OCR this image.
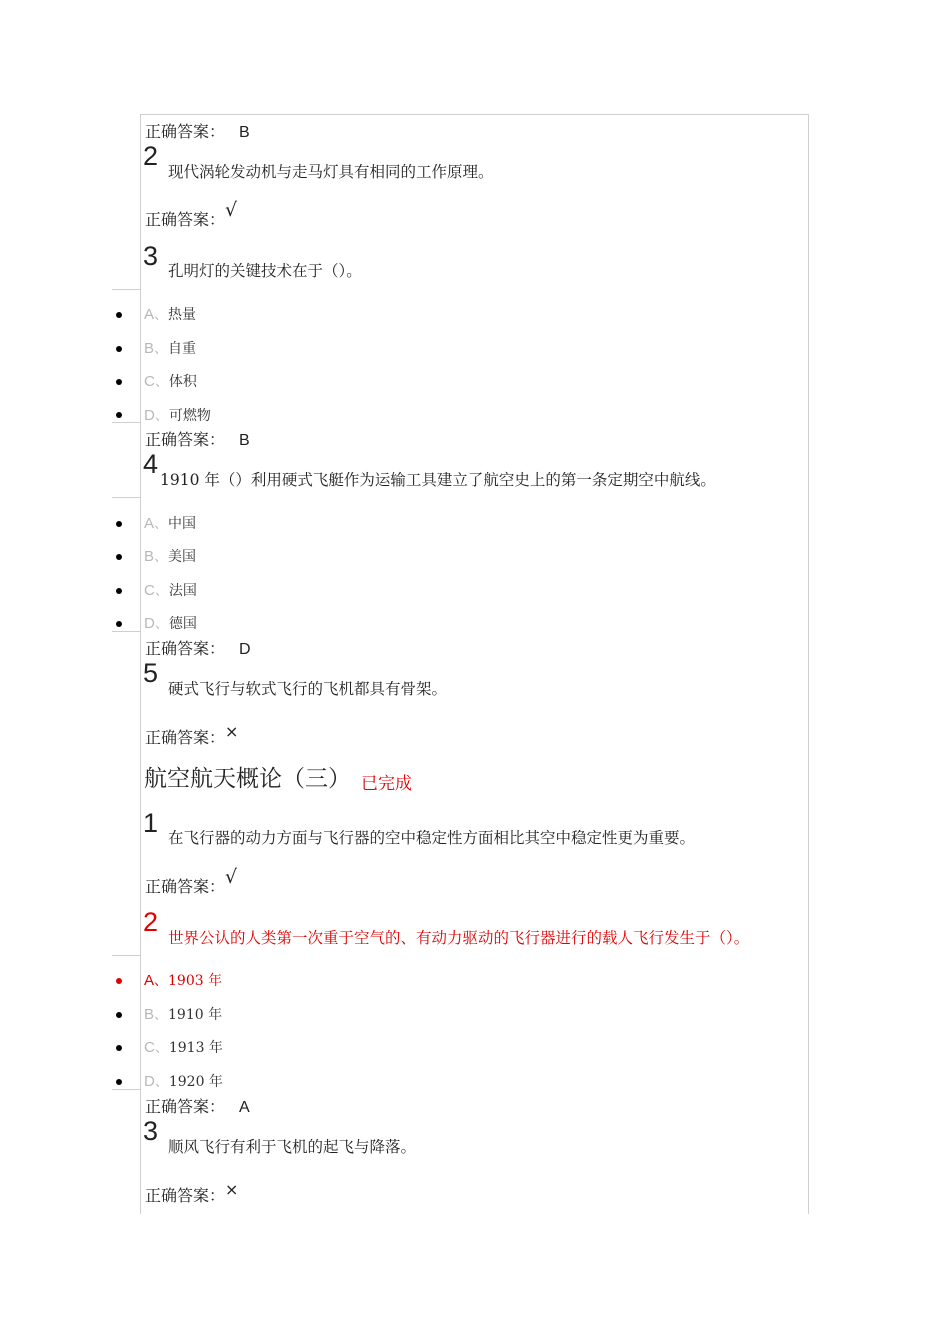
正确答案： B
2
现代涡轮发动机与走马灯具有相同的工作原理。
正确答案：√
3 孔明灯的关键技术在于（）。
A、热量
B、自重
C、体积
D、可燃物
正确答案： B
4
1910 年（）利用硬式飞艇作为运输工具建立了航空史上的第一条定期空中航线。
A、中国
B、美国
C、法国
D、德国
正确答案： D
5
硬式飞行与软式飞行的飞机都具有骨架。
正确答案：×
航空航天概论（三） 已完成
1 在飞行器的动力方面与飞行器的空中稳定性方面相比其空中稳定性更为重要。
正确答案：√
2
世界公认的人类第一次重于空气的、有动力驱动的飞行器进行的载人飞行发生于（）。
A、1903 年
B、1910 年
C、1913 年
D、1920 年
正确答案： A
3
顺风飞行有利于飞机的起飞与降落。
正确答案：×
